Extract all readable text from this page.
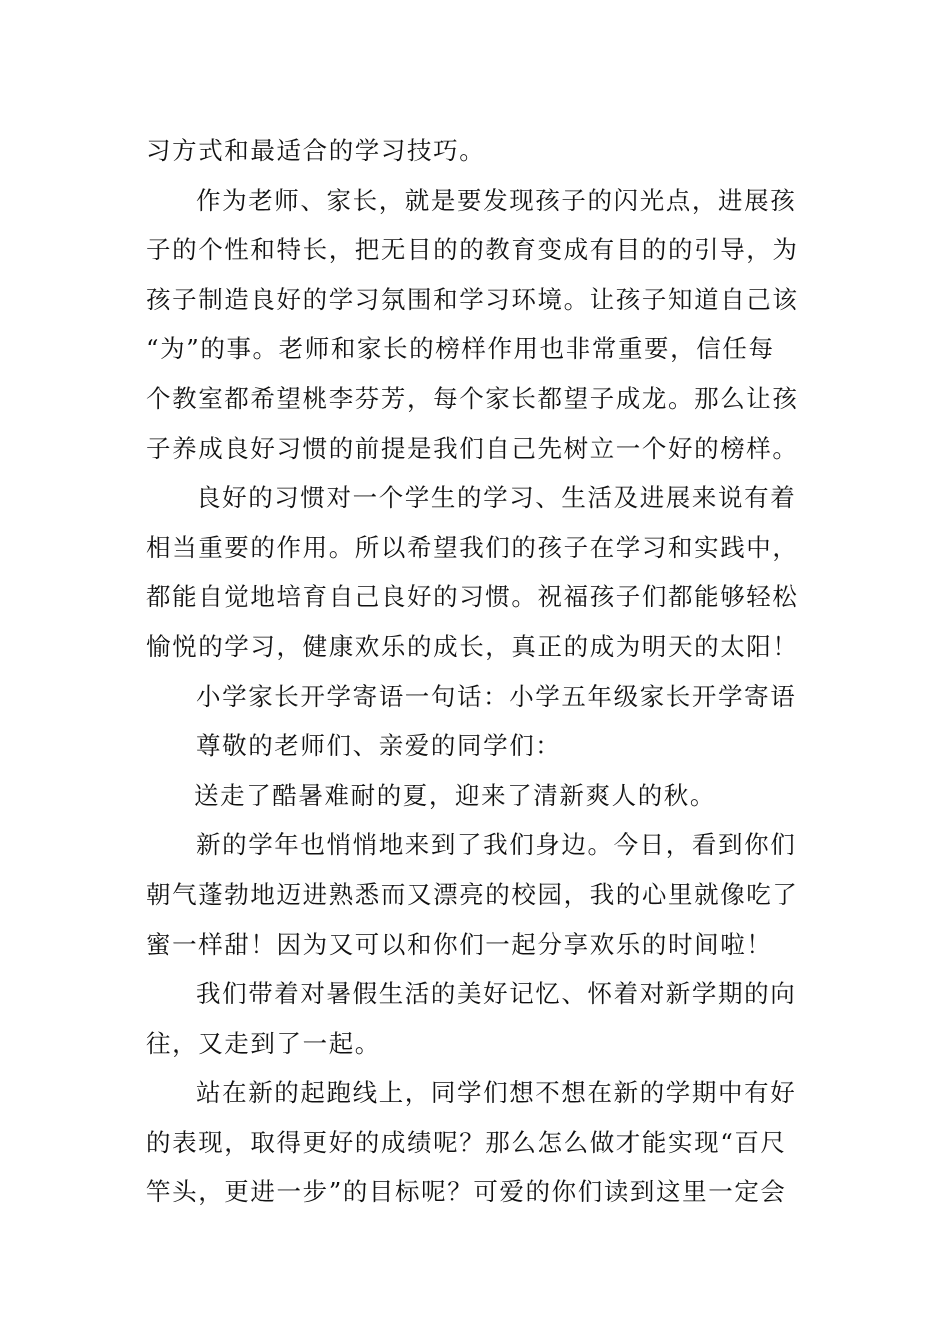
习方式和最适合的学习技巧。
作为老师、家长，就是要发现孩子的闪光点，进展孩
子的个性和特长，把无目的的教育变成有目的的引导，为
孩子制造良好的学习氛围和学习环境。让孩子知道自己该
“为”的事。老师和家长的榜样作用也非常重要，信任每
个教室都希望桃李芬芳，每个家长都望子成龙。那么让孩
子养成良好习惯的前提是我们自己先树立一个好的榜样。
良好的习惯对一个学生的学习、生活及进展来说有着
相当重要的作用。所以希望我们的孩子在学习和实践中，
都能自觉地培育自己良好的习惯。祝福孩子们都能够轻松
愉悦的学习，健康欢乐的成长，真正的成为明天的太阳！
小学家长开学寄语一句话：小学五年级家长开学寄语
尊敬的老师们、亲爱的同学们：
送走了酷暑难耐的夏，迎来了清新爽人的秋。
新的学年也悄悄地来到了我们身边。今日，看到你们
朝气蓬勃地迈进熟悉而又漂亮的校园，我的心里就像吃了
蜜一样甜！因为又可以和你们一起分享欢乐的时间啦！
我们带着对暑假生活的美好记忆、怀着对新学期的向
往，又走到了一起。
站在新的起跑线上，同学们想不想在新的学期中有好
的表现，取得更好的成绩呢？那么怎么做才能实现“百尺
竿头，更进一步”的目标呢？可爱的你们读到这里一定会
